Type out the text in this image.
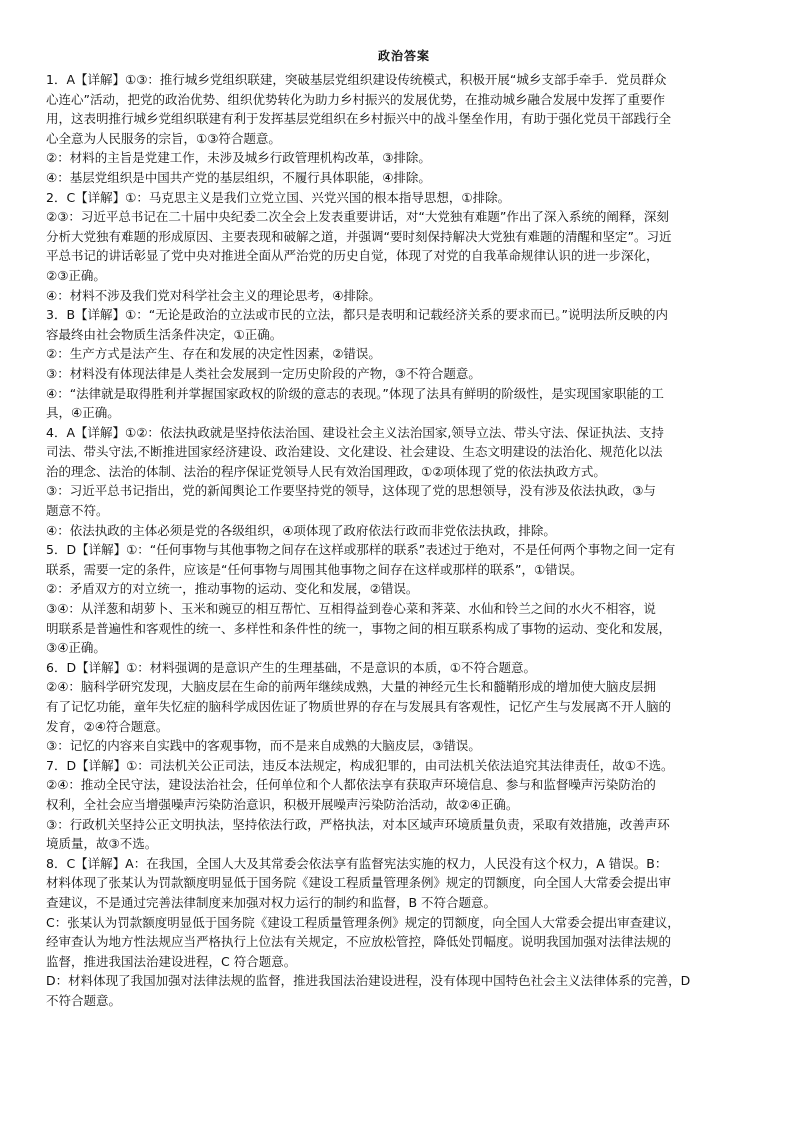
政治答案

1．A【详解】①③：推行城乡党组织联建，突破基层党组织建设传统模式，积极开展“城乡支部手牵手．党员群众

心连心”活动，把党的政治优势、组织优势转化为助力乡村振兴的发展优势，在推动城乡融合发展中发挥了重要作

用，这表明推行城乡党组织联建有利于发挥基层党组织在乡村振兴中的战斗堡垒作用，有助于强化党员干部践行全

心全意为人民服务的宗旨，①③符合题意。

②：材料的主旨是党建工作，未涉及城乡行政管理机构改革，③排除。

④：基层党组织是中国共产党的基层组织，不履行具体职能，④排除。

2．C【详解】①：马克思主义是我们立党立国、兴党兴国的根本指导思想，①排除。

②③：习近平总书记在二十届中央纪委二次全会上发表重要讲话，对“大党独有难题”作出了深入系统的阐释，深刻

分析大党独有难题的形成原因、主要表现和破解之道，并强调“要时刻保持解决大党独有难题的清醒和坚定”。习近

平总书记的讲话彰显了党中央对推进全面从严治党的历史自觉，体现了对党的自我革命规律认识的进一步深化，

②③正确。

④：材料不涉及我们党对科学社会主义的理论思考，④排除。

3．B【详解】①：“无论是政治的立法或市民的立法，都只是表明和记载经济关系的要求而已。”说明法所反映的内

容最终由社会物质生活条件决定，①正确。

②：生产方式是法产生、存在和发展的决定性因素，②错误。

③：材料没有体现法律是人类社会发展到一定历史阶段的产物，③不符合题意。

④：“法律就是取得胜利并掌握国家政权的阶级的意志的表现。”体现了法具有鲜明的阶级性，是实现国家职能的工

具，④正确。

4．A【详解】①②：依法执政就是坚持依法治国、建设社会主义法治国家,领导立法、带头守法、保证执法、支持

司法、带头守法,不断推进国家经济建设、政治建设、文化建设、社会建设、生态文明建设的法治化、规范化以法

治的理念、法治的体制、法治的程序保证党领导人民有效治国理政，①②项体现了党的依法执政方式。

③：习近平总书记指出，党的新闻舆论工作要坚持党的领导，这体现了党的思想领导，没有涉及依法执政，③与

题意不符。

④：依法执政的主体必须是党的各级组织，④项体现了政府依法行政而非党依法执政，排除。

5．D【详解】①：“任何事物与其他事物之间存在这样或那样的联系”表述过于绝对，不是任何两个事物之间一定有

联系，需要一定的条件，应该是“任何事物与周围其他事物之间存在这样或那样的联系”，①错误。

②：矛盾双方的对立统一，推动事物的运动、变化和发展，②错误。

③④：从洋葱和胡萝卜、玉米和豌豆的相互帮忙、互相得益到卷心菜和荠菜、水仙和铃兰之间的水火不相容，说

明联系是普遍性和客观性的统一、多样性和条件性的统一，事物之间的相互联系构成了事物的运动、变化和发展，

③④正确。

6．D【详解】①：材料强调的是意识产生的生理基础，不是意识的本质，①不符合题意。

②④：脑科学研究发现，大脑皮层在生命的前两年继续成熟，大量的神经元生长和髓鞘形成的增加使大脑皮层拥

有了记忆功能，童年失忆症的脑科学成因佐证了物质世界的存在与发展具有客观性，记忆产生与发展离不开人脑的

发育，②④符合题意。

③：记忆的内容来自实践中的客观事物，而不是来自成熟的大脑皮层，③错误。

7．D【详解】①：司法机关公正司法，违反本法规定，构成犯罪的，由司法机关依法追究其法律责任，故①不选。

②④：推动全民守法，建设法治社会，任何单位和个人都依法享有获取声环境信息、参与和监督噪声污染防治的

权利，全社会应当增强噪声污染防治意识，积极开展噪声污染防治活动，故②④正确。

③：行政机关坚持公正文明执法，坚持依法行政，严格执法，对本区域声环境质量负责，采取有效措施，改善声环

境质量，故③不选。

8．C【详解】A：在我国，全国人大及其常委会依法享有监督宪法实施的权力，人民没有这个权力，A 错误。B：

材料体现了张某认为罚款额度明显低于国务院《建设工程质量管理条例》规定的罚额度，向全国人大常委会提出审

查建议，不是通过完善法律制度来加强对权力运行的制约和监督，B 不符合题意。

C：张某认为罚款额度明显低于国务院《建设工程质量管理条例》规定的罚额度，向全国人大常委会提出审查建议，

经审查认为地方性法规应当严格执行上位法有关规定，不应放松管控，降低处罚幅度。说明我国加强对法律法规的

监督，推进我国法治建设进程，C 符合题意。

D：材料体现了我国加强对法律法规的监督，推进我国法治建设进程，没有体现中国特色社会主义法律体系的完善，D

不符合题意。
